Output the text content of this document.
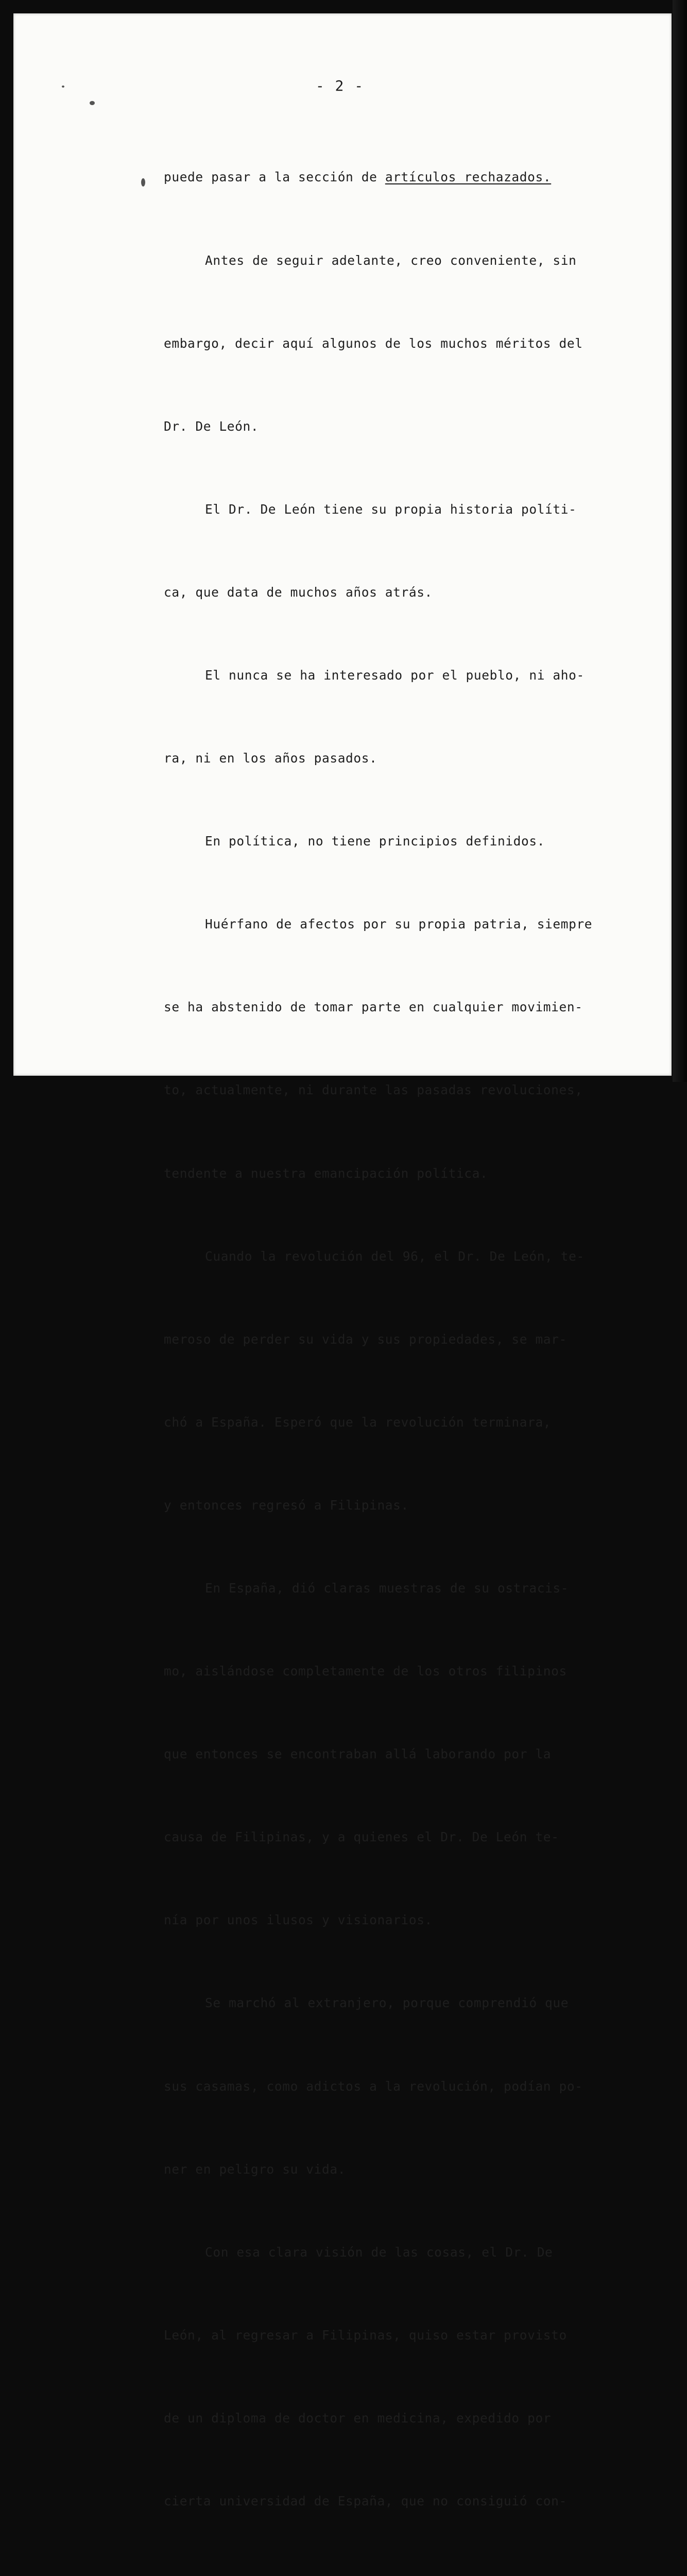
- 2 -

puede pasar a la sección de artículos rechazados.

Antes de seguir adelante, creo conveniente, sin

embargo, decir aquí algunos de los muchos méritos del

Dr. De León.

El Dr. De León tiene su propia historia políti-

ca, que data de muchos años atrás.

El nunca se ha interesado por el pueblo, ni aho-

ra, ni en los años pasados.

En política, no tiene principios definidos.

Huérfano de afectos por su propia patria, siempre

se ha abstenido de tomar parte en cualquier movimien-

to, actualmente, ni durante las pasadas revoluciones,

tendente a nuestra emancipación política.

Cuando la revolución del 96, el Dr. De León, te-

meroso de perder su vida y sus propiedades, se mar-

chó a España. Esperó que la revolución terminara,

y entonces regresó a Filipinas.

En España, dió claras muestras de su ostracis-

mo, aislándose completamente de los otros filipinos

que entonces se encontraban allá laborando por la

causa de Filipinas, y a quienes el Dr. De León te-

nía por unos ilusos y visionarios.

Se marchó al extranjero, porque comprendió que

sus casamas, como adictos a la revolución, podían po-

ner en peligro su vida.

Con esa clara visión de las cosas, el Dr. De

León, al regresar a Filipinas, quiso estar provisto

de un diploma de doctor en medicina, expedido por

cierta universidad de España, que no consiguió con-
